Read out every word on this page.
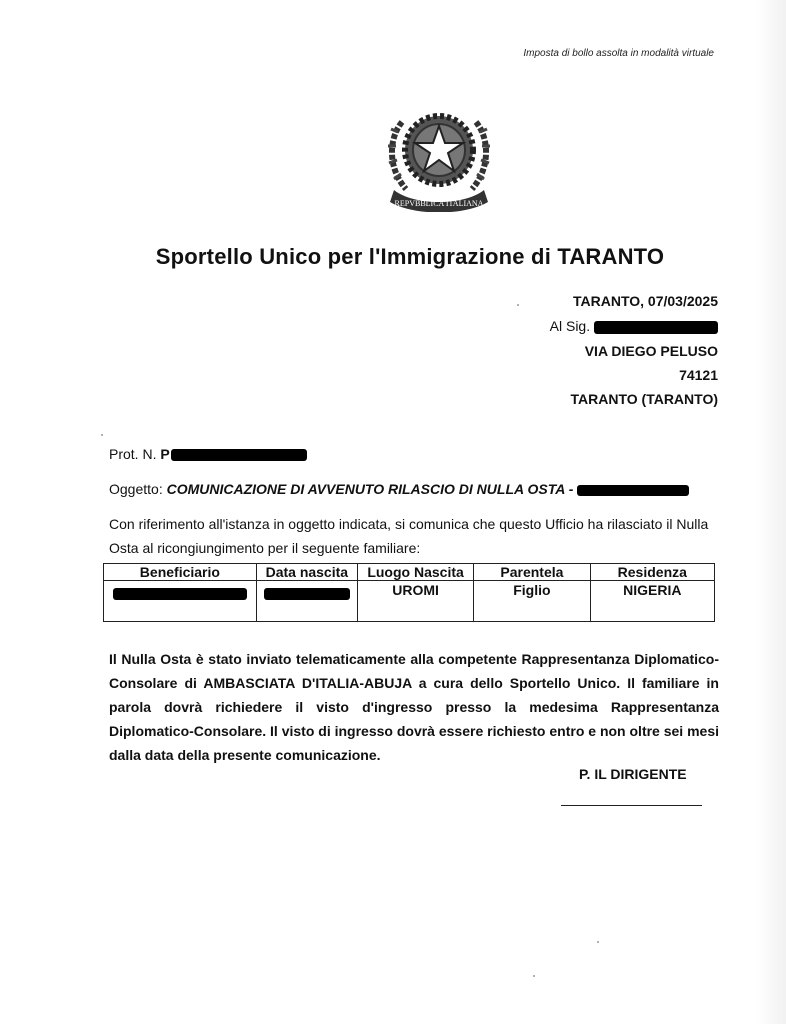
Imposta di bollo assolta in modalità virtuale
REPVBBLICA ITALIANA
Sportello Unico per l'Immigrazione di TARANTO
TARANTO, 07/03/2025
Al Sig.
VIA DIEGO PELUSO
74121
TARANTO (TARANTO)
Prot. N. P
Oggetto: COMUNICAZIONE DI AVVENUTO RILASCIO DI NULLA OSTA -
Con riferimento all'istanza in oggetto indicata, si comunica che questo Ufficio ha rilasciato il Nulla Osta al ricongiungimento per il seguente familiare:
Beneficiario	Data nascita	Luogo Nascita	Parentela	Residenza
		UROMI	Figlio	NIGERIA
Il Nulla Osta è stato inviato telematicamente alla competente Rappresentanza Diplomatico-Consolare di AMBASCIATA D'ITALIA-ABUJA a cura dello Sportello Unico. Il familiare in parola dovrà richiedere il visto d'ingresso presso la medesima Rappresentanza Diplomatico-Consolare. Il visto di ingresso dovrà essere richiesto entro e non oltre sei mesi dalla data della presente comunicazione.
P. IL DIRIGENTE
